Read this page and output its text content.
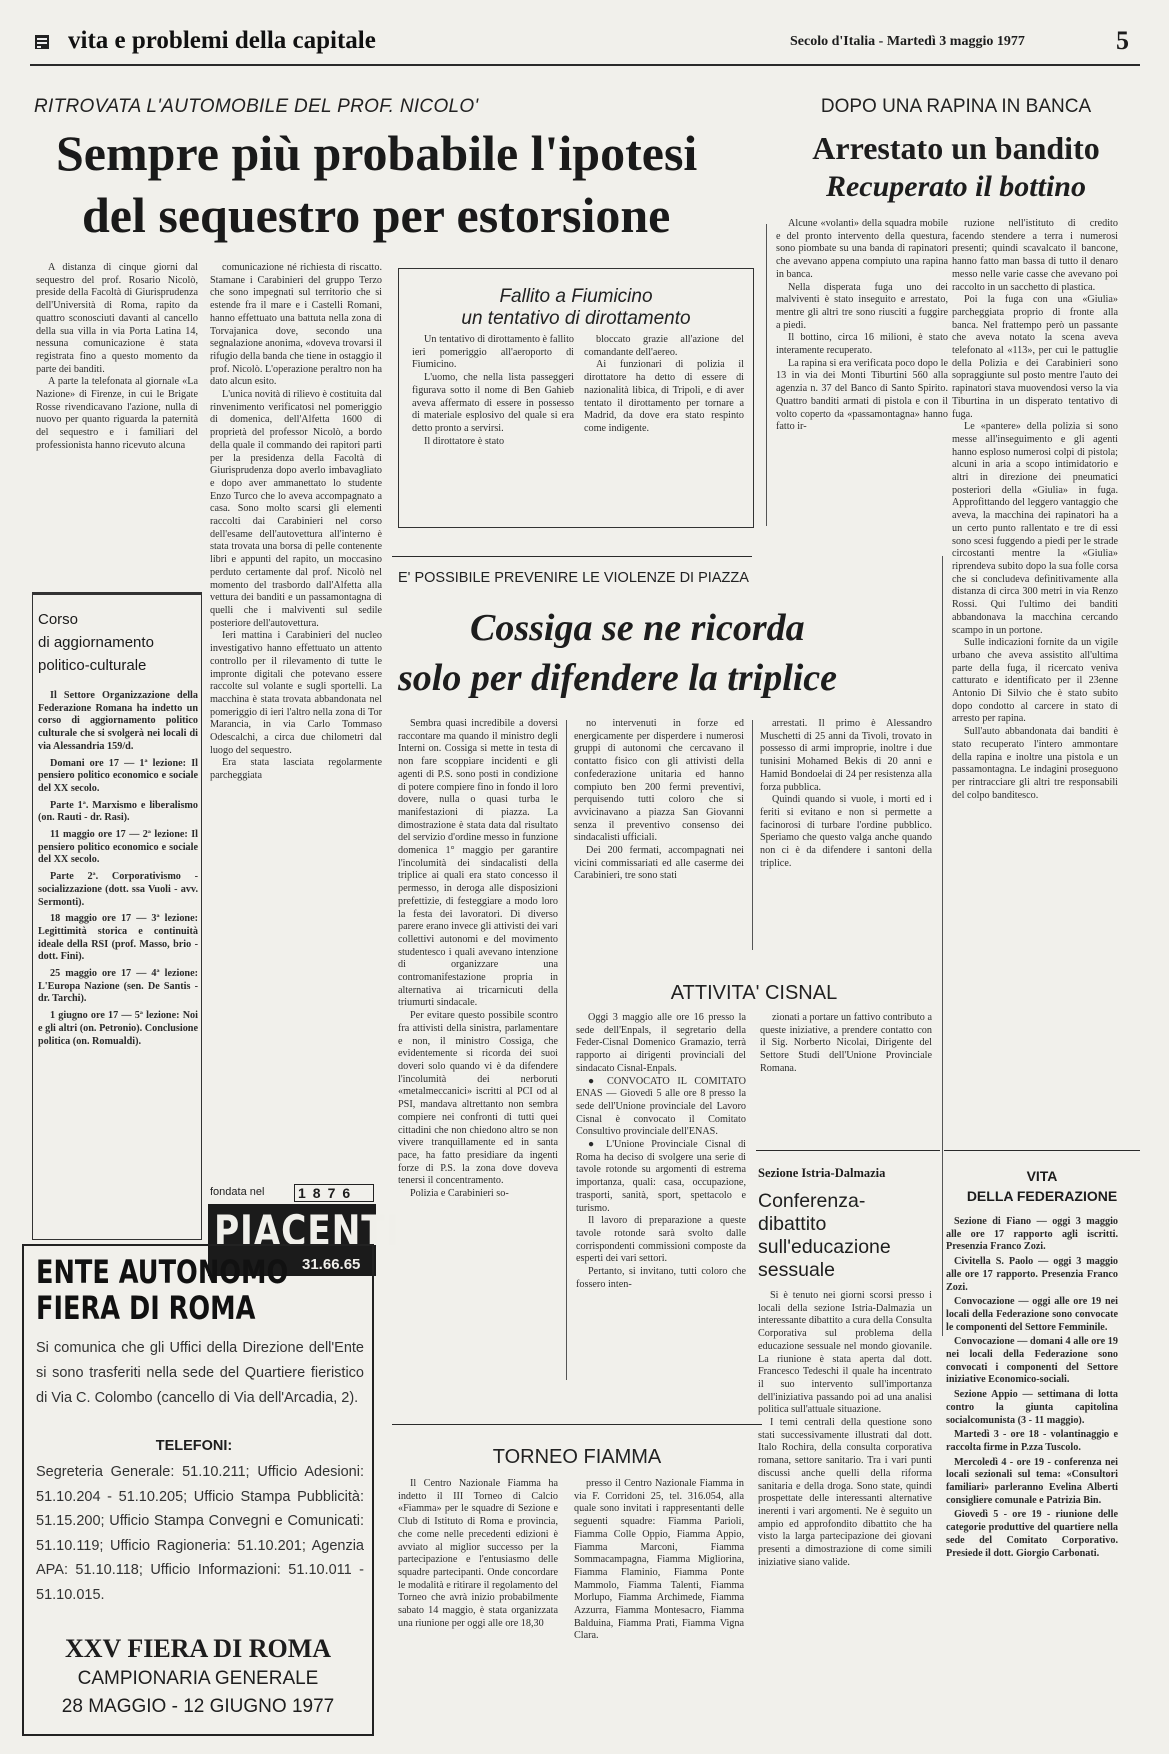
vita e problemi della capitale	Secolo d'Italia - Martedì 3 maggio 1977	5
RITROVATA L'AUTOMOBILE DEL PROF. NICOLO'
Sempre più probabile l'ipotesi
del sequestro per estorsione

A distanza di cinque giorni dal sequestro del prof. Rosario Nicolò, preside della Facoltà di Giurisprudenza dell'Università di Roma, rapito da quattro sconosciuti davanti al cancello della sua villa in via Porta Latina 14, nessuna comunicazione è stata registrata fino a questo momento da parte dei banditi.

A parte la telefonata al giornale «La Nazione» di Firenze, in cui le Brigate Rosse rivendicavano l'azione, nulla di nuovo per quanto riguarda la paternità del sequestro e i familiari del professionista hanno ricevuto alcuna

comunicazione né richiesta di riscatto. Stamane i Carabinieri del gruppo Terzo che sono impegnati sul territorio che si estende fra il mare e i Castelli Romani, hanno effettuato una battuta nella zona di Torvajanica dove, secondo una segnalazione anonima, «doveva trovarsi il rifugio della banda che tiene in ostaggio il prof. Nicolò. L'operazione peraltro non ha dato alcun esito.

L'unica novità di rilievo è costituita dal rinvenimento verificatosi nel pomeriggio di domenica, dell'Alfetta 1600 di proprietà del professor Nicolò, a bordo della quale il commando dei rapitori partì per la presidenza della Facoltà di Giurisprudenza dopo averlo imbavagliato e dopo aver ammanettato lo studente Enzo Turco che lo aveva accompagnato a casa. Sono molto scarsi gli elementi raccolti dai Carabinieri nel corso dell'esame dell'autovettura all'interno è stata trovata una borsa di pelle contenente libri e appunti del rapito, un moccasino perduto certamente dal prof. Nicolò nel momento del trasbordo dall'Alfetta alla vettura dei banditi e un passamontagna di quelli che i malviventi sul sedile posteriore dell'autovettura.

Ieri mattina i Carabinieri del nucleo investigativo hanno effettuato un attento controllo per il rilevamento di tutte le impronte digitali che potevano essere raccolte sul volante e sugli sportelli. La macchina è stata trovata abbandonata nel pomeriggio di ieri l'altro nella zona di Tor Marancia, in via Carlo Tommaso Odescalchi, a circa due chilometri dal luogo del sequestro.

Era stata lasciata regolarmente parcheggiata

Fallito a Fiumicino
un tentativo di dirottamento

Un tentativo di dirottamento è fallito ieri pomeriggio all'aeroporto di Fiumicino.

L'uomo, che nella lista passeggeri figurava sotto il nome di Ben Gahieb aveva affermato di essere in possesso di materiale esplosivo del quale si era detto pronto a servirsi.

Il dirottatore è stato

bloccato grazie all'azione del comandante dell'aereo.

Ai funzionari di polizia il dirottatore ha detto di essere di nazionalità libica, di Tripoli, e di aver tentato il dirottamento per tornare a Madrid, da dove era stato respinto come indigente.

DOPO UNA RAPINA IN BANCA
Arrestato un bandito
Recuperato il bottino

Alcune «volanti» della squadra mobile e del pronto intervento della questura, sono piombate su una banda di rapinatori che avevano appena compiuto una rapina in banca.

Nella disperata fuga uno dei malviventi è stato inseguito e arrestato, mentre gli altri tre sono riusciti a fuggire a piedi.

Il bottino, circa 16 milioni, è stato interamente recuperato.

La rapina si era verificata poco dopo le 13 in via dei Monti Tiburtini 560 alla agenzia n. 37 del Banco di Santo Spirito. Quattro banditi armati di pistola e con il volto coperto da «passamontagna» hanno fatto ir-

ruzione nell'istituto di credito facendo stendere a terra i numerosi presenti; quindi scavalcato il bancone, hanno fatto man bassa di tutto il denaro messo nelle varie casse che avevano poi raccolto in un sacchetto di plastica.

Poi la fuga con una «Giulia» parcheggiata proprio di fronte alla banca. Nel frattempo però un passante che aveva notato la scena aveva telefonato al «113», per cui le pattuglie della Polizia e dei Carabinieri sono sopraggiunte sul posto mentre l'auto dei rapinatori stava muovendosi verso la via Tiburtina in un disperato tentativo di fuga.

Le «pantere» della polizia si sono messe all'inseguimento e gli agenti hanno esploso numerosi colpi di pistola; alcuni in aria a scopo intimidatorio e altri in direzione dei pneumatici posteriori della «Giulia» in fuga. Approfittando del leggero vantaggio che aveva, la macchina dei rapinatori ha a un certo punto rallentato e tre di essi sono scesi fuggendo a piedi per le strade circostanti mentre la «Giulia» riprendeva subito dopo la sua folle corsa che si concludeva definitivamente alla distanza di circa 300 metri in via Renzo Rossi. Qui l'ultimo dei banditi abbandonava la macchina cercando scampo in un portone.

Sulle indicazioni fornite da un vigile urbano che aveva assistito all'ultima parte della fuga, il ricercato veniva catturato e identificato per il 23enne Antonio Di Silvio che è stato subito dopo condotto al carcere in stato di arresto per rapina.

Sull'auto abbandonata dai banditi è stato recuperato l'intero ammontare della rapina e inoltre una pistola e un passamontagna. Le indagini proseguono per rintracciare gli altri tre responsabili del colpo banditesco.

Corso
di aggiornamento
politico-culturale

Il Settore Organizzazione della Federazione Romana ha indetto un corso di aggiornamento politico culturale che si svolgerà nei locali di via Alessandria 159/d.

Domani ore 17 — 1ª lezione: Il pensiero politico economico e sociale del XX secolo.

Parte 1ª. Marxismo e liberalismo (on. Rauti - dr. Rasi).

11 maggio ore 17 — 2ª lezione: Il pensiero politico economico e sociale del XX secolo.

Parte 2ª. Corporativismo - socializzazione (dott. ssa Vuoli - avv. Sermonti).

18 maggio ore 17 — 3ª lezione: Legittimità storica e continuità ideale della RSI (prof. Masso, brio - dott. Fini).

25 maggio ore 17 — 4ª lezione: L'Europa Nazione (sen. De Santis - dr. Tarchi).

1 giugno ore 17 — 5ª lezione: Noi e gli altri (on. Petronio). Conclusione politica (on. Romualdi).

fondata nel 1876
PIACENTI
31.66.65
ENTE AUTONOMO
FIERA DI ROMA
Si comunica che gli Uffici della Direzione dell'Ente si sono trasferiti nella sede del Quartiere fieristico di Via C. Colombo (cancello di Via dell'Arcadia, 2).
TELEFONI:
Segreteria Generale: 51.10.211; Ufficio Adesioni: 51.10.204 - 51.10.205; Ufficio Stampa Pubblicità: 51.15.200; Ufficio Stampa Convegni e Comunicati: 51.10.119; Ufficio Ragioneria: 51.10.201; Agenzia APA: 51.10.118; Ufficio Informazioni: 51.10.011 - 51.10.015.
XXV FIERA DI ROMA
CAMPIONARIA GENERALE
28 MAGGIO - 12 GIUGNO 1977
E' POSSIBILE PREVENIRE LE VIOLENZE DI PIAZZA
Cossiga se ne ricorda
solo per difendere la triplice

Sembra quasi incredibile a doversi raccontare ma quando il ministro degli Interni on. Cossiga si mette in testa di non fare scoppiare incidenti e gli agenti di P.S. sono posti in condizione di potere compiere fino in fondo il loro dovere, nulla o quasi turba le manifestazioni di piazza. La dimostrazione è stata data dal risultato del servizio d'ordine messo in funzione domenica 1° maggio per garantire l'incolumità dei sindacalisti della triplice ai quali era stato concesso il permesso, in deroga alle disposizioni prefettizie, di festeggiare a modo loro la festa dei lavoratori. Di diverso parere erano invece gli attivisti dei vari collettivi autonomi e del movimento studentesco i quali avevano intenzione di organizzare una contromanifestazione propria in alternativa ai tricarnicuti della triumurti sindacale.

Per evitare questo possibile scontro fra attivisti della sinistra, parlamentare e non, il ministro Cossiga, che evidentemente si ricorda dei suoi doveri solo quando vi è da difendere l'incolumità dei nerboruti «metalmeccanici» iscritti al PCI od al PSI, mandava altrettanto non sembra compiere nei confronti di tutti quei cittadini che non chiedono altro se non vivere tranquillamente ed in santa pace, ha fatto presidiare da ingenti forze di P.S. la zona dove doveva tenersi il concentramento.

Polizia e Carabinieri so-

no intervenuti in forze ed energicamente per disperdere i numerosi gruppi di autonomi che cercavano il contatto fisico con gli attivisti della confederazione unitaria ed hanno compiuto ben 200 fermi preventivi, perquisendo tutti coloro che si avvicinavano a piazza San Giovanni senza il preventivo consenso dei sindacalisti ufficiali.

Dei 200 fermati, accompagnati nei vicini commissariati ed alle caserme dei Carabinieri, tre sono stati

arrestati. Il primo è Alessandro Muschetti di 25 anni da Tivoli, trovato in possesso di armi improprie, inoltre i due tunisini Mohamed Bekis di 20 anni e Hamid Bondoelai di 24 per resistenza alla forza pubblica.

Quindi quando si vuole, i morti ed i feriti si evitano e non si permette a facinorosi di turbare l'ordine pubblico. Speriamo che questo valga anche quando non ci è da difendere i santoni della triplice.

ATTIVITA' CISNAL

Oggi 3 maggio alle ore 16 presso la sede dell'Enpals, il segretario della Feder-Cisnal Domenico Gramazio, terrà rapporto ai dirigenti provinciali del sindacato Cisnal-Enpals.

● CONVOCATO IL COMITATO ENAS — Giovedì 5 alle ore 8 presso la sede dell'Unione provinciale del Lavoro Cisnal è convocato il Comitato Consultivo provinciale dell'ENAS.

● L'Unione Provinciale Cisnal di Roma ha deciso di svolgere una serie di tavole rotonde su argomenti di estrema importanza, quali: casa, occupazione, trasporti, sanità, sport, spettacolo e turismo.

Il lavoro di preparazione a queste tavole rotonde sarà svolto dalle corrispondenti commissioni composte da esperti dei vari settori.

Pertanto, si invitano, tutti coloro che fossero inten-

zionati a portare un fattivo contributo a queste iniziative, a prendere contatto con il Sig. Norberto Nicolai, Dirigente del Settore Studi dell'Unione Provinciale Romana.

TORNEO FIAMMA

Il Centro Nazionale Fiamma ha indetto il III Torneo di Calcio «Fiamma» per le squadre di Sezione e Club di Istituto di Roma e provincia, che come nelle precedenti edizioni è avviato al miglior successo per la partecipazione e l'entusiasmo delle squadre partecipanti. Onde concordare le modalità e ritirare il regolamento del Torneo che avrà inizio probabilmente sabato 14 maggio, è stata organizzata una riunione per oggi alle ore 18,30

presso il Centro Nazionale Fiamma in via F. Corridoni 25, tel. 316.054, alla quale sono invitati i rappresentanti delle seguenti squadre: Fiamma Parioli, Fiamma Colle Oppio, Fiamma Appio, Fiamma Marconi, Fiamma Sommacampagna, Fiamma Migliorina, Fiamma Flaminio, Fiamma Ponte Mammolo, Fiamma Talenti, Fiamma Morlupo, Fiamma Archimede, Fiamma Azzurra, Fiamma Montesacro, Fiamma Balduina, Fiamma Prati, Fiamma Vigna Clara.

Sezione Istria-Dalmazia
Conferenza-
dibattito
sull'educazione
sessuale

Si è tenuto nei giorni scorsi presso i locali della sezione Istria-Dalmazia un interessante dibattito a cura della Consulta Corporativa sul problema della educazione sessuale nel mondo giovanile. La riunione è stata aperta dal dott. Francesco Tedeschi il quale ha incentrato il suo intervento sull'importanza dell'iniziativa passando poi ad una analisi politica sull'attuale situazione.

I temi centrali della questione sono stati successivamente illustrati dal dott. Italo Rochira, della consulta corporativa romana, settore sanitario. Tra i vari punti discussi anche quelli della riforma sanitaria e della droga. Sono state, quindi prospettate delle interessanti alternative inerenti i vari argomenti. Ne è seguito un ampio ed approfondito dibattito che ha visto la larga partecipazione dei giovani presenti a dimostrazione di come simili iniziative siano valide.

VITA
DELLA FEDERAZIONE

Sezione di Fiano — oggi 3 maggio alle ore 17 rapporto agli iscritti. Presenzia Franco Zozi.

Civitella S. Paolo — oggi 3 maggio alle ore 17 rapporto. Presenzia Franco Zozi.

Convocazione — oggi alle ore 19 nei locali della Federazione sono convocate le componenti del Settore Femminile.

Convocazione — domani 4 alle ore 19 nei locali della Federazione sono convocati i componenti del Settore iniziative Economico-sociali.

Sezione Appio — settimana di lotta contro la giunta capitolina socialcomunista (3 - 11 maggio).

Martedì 3 - ore 18 - volantinaggio e raccolta firme in P.zza Tuscolo.

Mercoledì 4 - ore 19 - conferenza nei locali sezionali sul tema: «Consultori familiari» parleranno Evelina Alberti consigliere comunale e Patrizia Bin.

Giovedì 5 - ore 19 - riunione delle categorie produttive del quartiere nella sede del Comitato Corporativo. Presiede il dott. Giorgio Carbonati.
